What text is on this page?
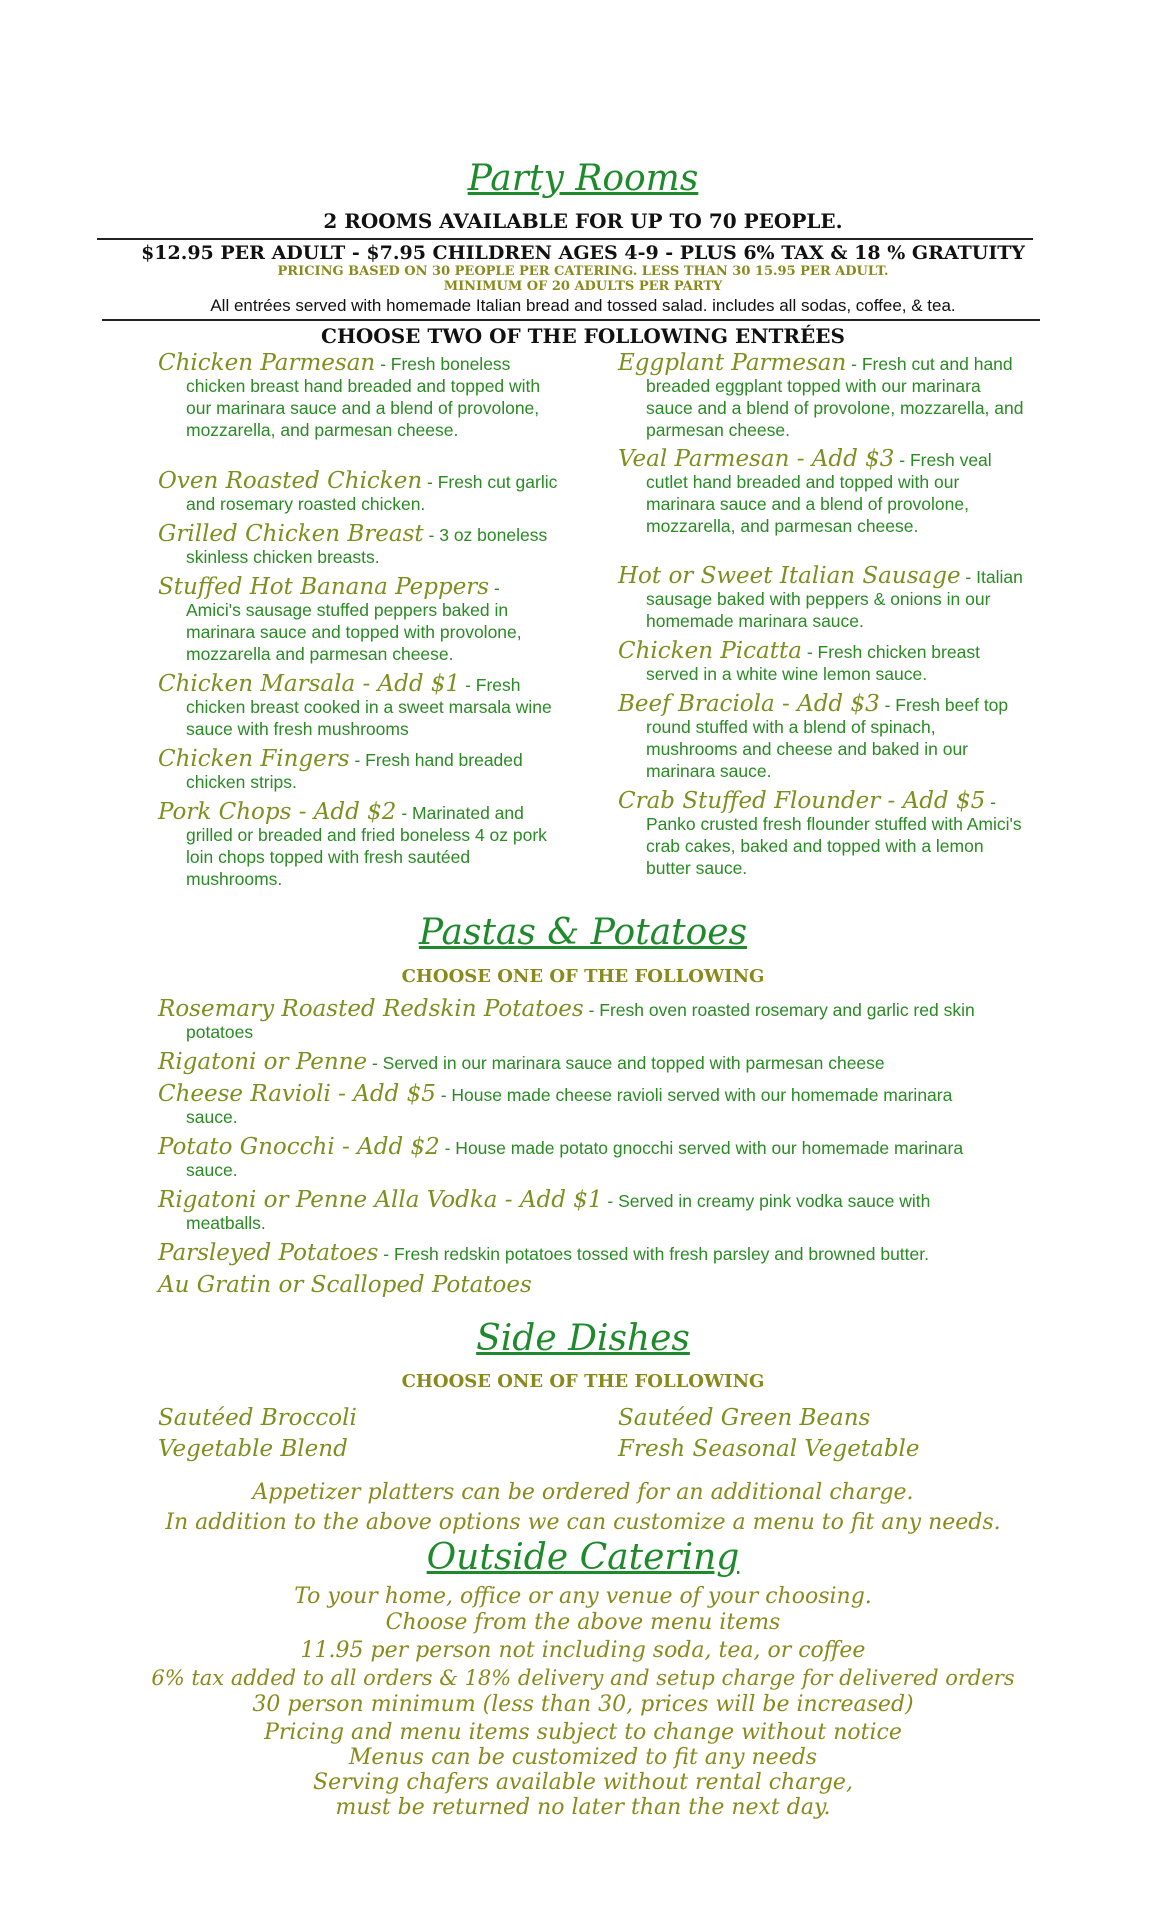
Party Rooms
2 ROOMS AVAILABLE FOR UP TO 70 PEOPLE.
$12.95 PER ADULT - $7.95 CHILDREN AGES 4-9 - PLUS 6% TAX & 18 % GRATUITY
PRICING BASED ON 30 PEOPLE PER CATERING. LESS THAN 30 15.95 PER ADULT.
MINIMUM OF 20 ADULTS PER PARTY
All entrées served with homemade Italian bread and tossed salad. includes all sodas, coffee, & tea.
CHOOSE TWO OF THE FOLLOWING ENTRÉES
Chicken Parmesan - Fresh boneless chicken breast hand breaded and topped with our marinara sauce and a blend of provolone, mozzarella, and parmesan cheese.
Oven Roasted Chicken - Fresh cut garlic and rosemary roasted chicken.
Grilled Chicken Breast - 3 oz boneless skinless chicken breasts.
Stuffed Hot Banana Peppers - Amici's sausage stuffed peppers baked in marinara sauce and topped with provolone, mozzarella and parmesan cheese.
Chicken Marsala - Add $1 - Fresh chicken breast cooked in a sweet marsala wine sauce with fresh mushrooms
Chicken Fingers - Fresh hand breaded chicken strips.
Pork Chops - Add $2 - Marinated and grilled or breaded and fried boneless 4 oz pork loin chops topped with fresh sautéed mushrooms.
Eggplant Parmesan - Fresh cut and hand breaded eggplant topped with our marinara sauce and a blend of provolone, mozzarella, and parmesan cheese.
Veal Parmesan - Add $3 - Fresh veal cutlet hand breaded and topped with our marinara sauce and a blend of provolone, mozzarella, and parmesan cheese.
Hot or Sweet Italian Sausage - Italian sausage baked with peppers & onions in our homemade marinara sauce.
Chicken Picatta - Fresh chicken breast served in a white wine lemon sauce.
Beef Braciola - Add $3 - Fresh beef top round stuffed with a blend of spinach, mushrooms and cheese and baked in our marinara sauce.
Crab Stuffed Flounder - Add $5 - Panko crusted fresh flounder stuffed with Amici's crab cakes, baked and topped with a lemon butter sauce.
Pastas & Potatoes
CHOOSE ONE OF THE FOLLOWING
Rosemary Roasted Redskin Potatoes - Fresh oven roasted rosemary and garlic red skin potatoes
Rigatoni or Penne - Served in our marinara sauce and topped with parmesan cheese
Cheese Ravioli - Add $5 - House made cheese ravioli served with our homemade marinara sauce.
Potato Gnocchi - Add $2 - House made potato gnocchi served with our homemade marinara sauce.
Rigatoni or Penne Alla Vodka - Add $1 - Served in creamy pink vodka sauce with meatballs.
Parsleyed Potatoes - Fresh redskin potatoes tossed with fresh parsley and browned butter.
Au Gratin or Scalloped Potatoes
Side Dishes
CHOOSE ONE OF THE FOLLOWING
Sautéed Broccoli	Sautéed Green Beans
Vegetable Blend	Fresh Seasonal Vegetable
Appetizer platters can be ordered for an additional charge.
In addition to the above options we can customize a menu to fit any needs.
Outside Catering
To your home, office or any venue of your choosing.
Choose from the above menu items
11.95 per person not including soda, tea, or coffee
6% tax added to all orders & 18% delivery and setup charge for delivered orders
30 person minimum (less than 30, prices will be increased)
Pricing and menu items subject to change without notice
Menus can be customized to fit any needs
Serving chafers available without rental charge,
must be returned no later than the next day.
